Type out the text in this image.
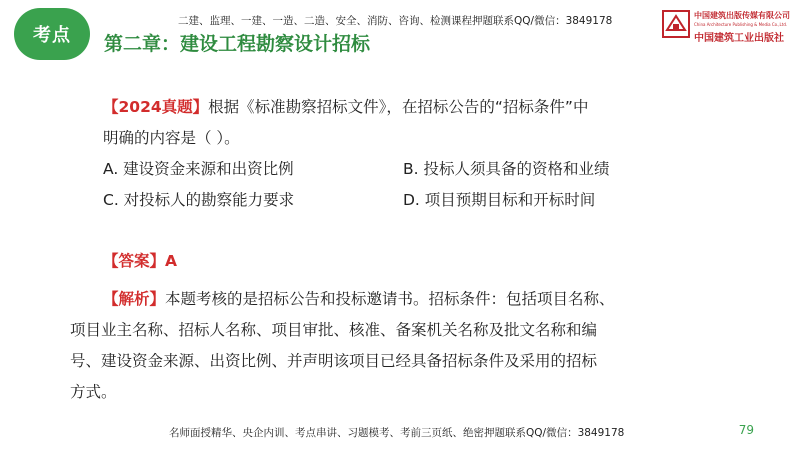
考点
二建、监理、一建、一造、二造、安全、消防、咨询、检测课程押题联系QQ/微信：3849178
第二章：建设工程勘察设计招标
中国建筑出版传媒有限公司
China Architecture Publishing & Media Co.,Ltd.
中国建筑工业出版社
【2024真题】根据《标准勘察招标文件》，在招标公告的“招标条件”中
明确的内容是（ ）。
A. 建设资金来源和出资比例	B. 投标人须具备的资格和业绩
C. 对投标人的勘察能力要求	D. 项目预期目标和开标时间
【答案】A
【解析】本题考核的是招标公告和投标邀请书。招标条件：包括项目名称、
项目业主名称、招标人名称、项目审批、核准、备案机关名称及批文名称和编
号、建设资金来源、出资比例、并声明该项目已经具备招标条件及采用的招标
方式。
名师面授精华、央企内训、考点串讲、习题模考、考前三页纸、绝密押题联系QQ/微信：3849178	79
